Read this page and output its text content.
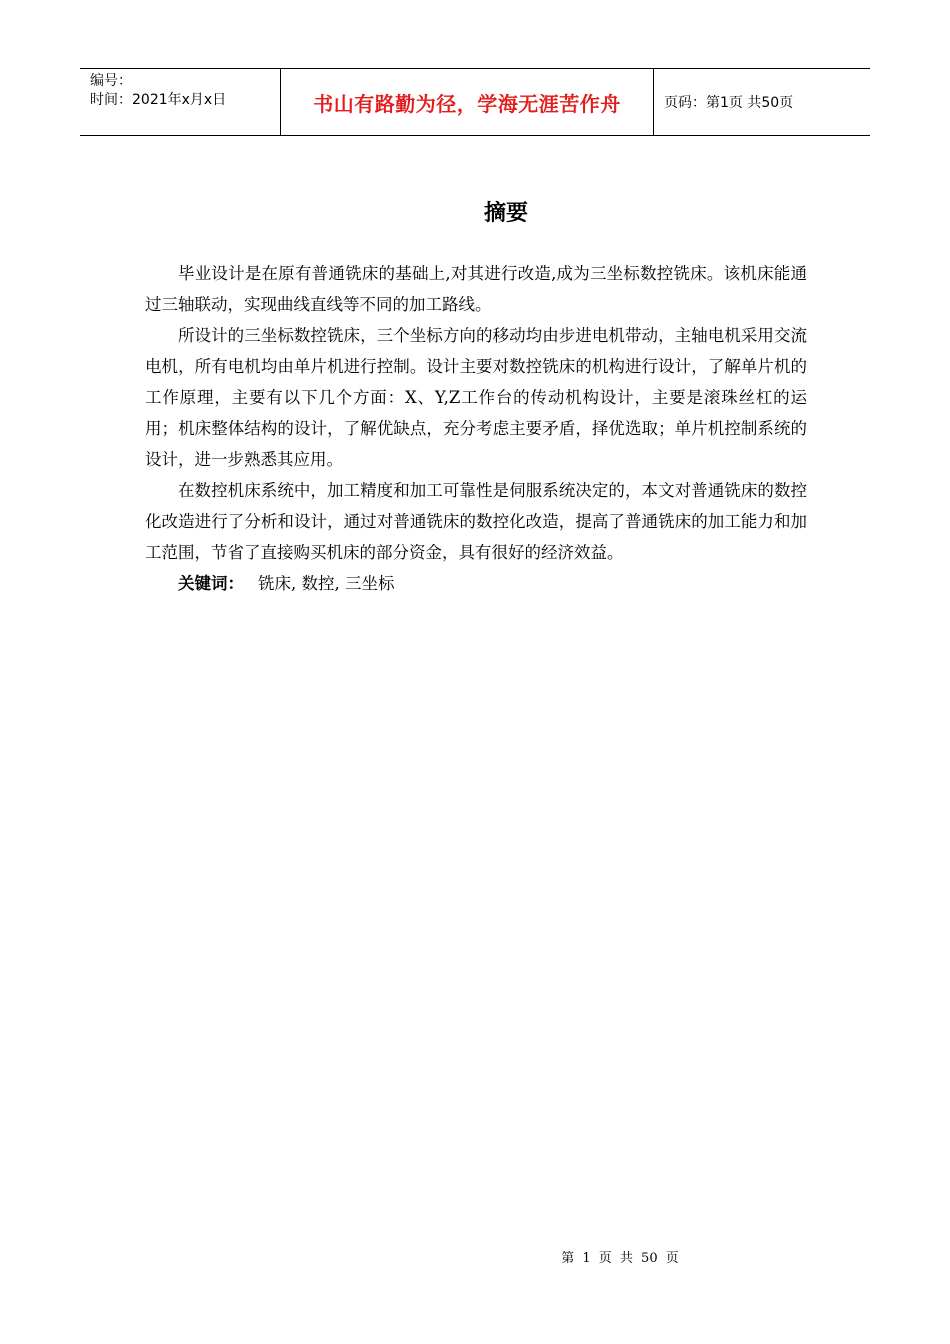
编号：
时间：2021年x月x日	书山有路勤为径，学海无涯苦作舟	页码：第1页 共50页
摘要

毕业设计是在原有普通铣床的基础上,对其进行改造,成为三坐标数控铣床。该机床能通过三轴联动，实现曲线直线等不同的加工路线。

所设计的三坐标数控铣床，三个坐标方向的移动均由步进电机带动，主轴电机采用交流电机，所有电机均由单片机进行控制。设计主要对数控铣床的机构进行设计，了解单片机的工作原理，主要有以下几个方面：X、Y,Z工作台的传动机构设计，主要是滚珠丝杠的运用；机床整体结构的设计，了解优缺点，充分考虑主要矛盾，择优选取；单片机控制系统的设计，进一步熟悉其应用。

在数控机床系统中，加工精度和加工可靠性是伺服系统决定的，本文对普通铣床的数控化改造进行了分析和设计，通过对普通铣床的数控化改造，提高了普通铣床的加工能力和加工范围，节省了直接购买机床的部分资金，具有很好的经济效益。

关键词： 铣床, 数控, 三坐标
第 1 页 共 50 页
